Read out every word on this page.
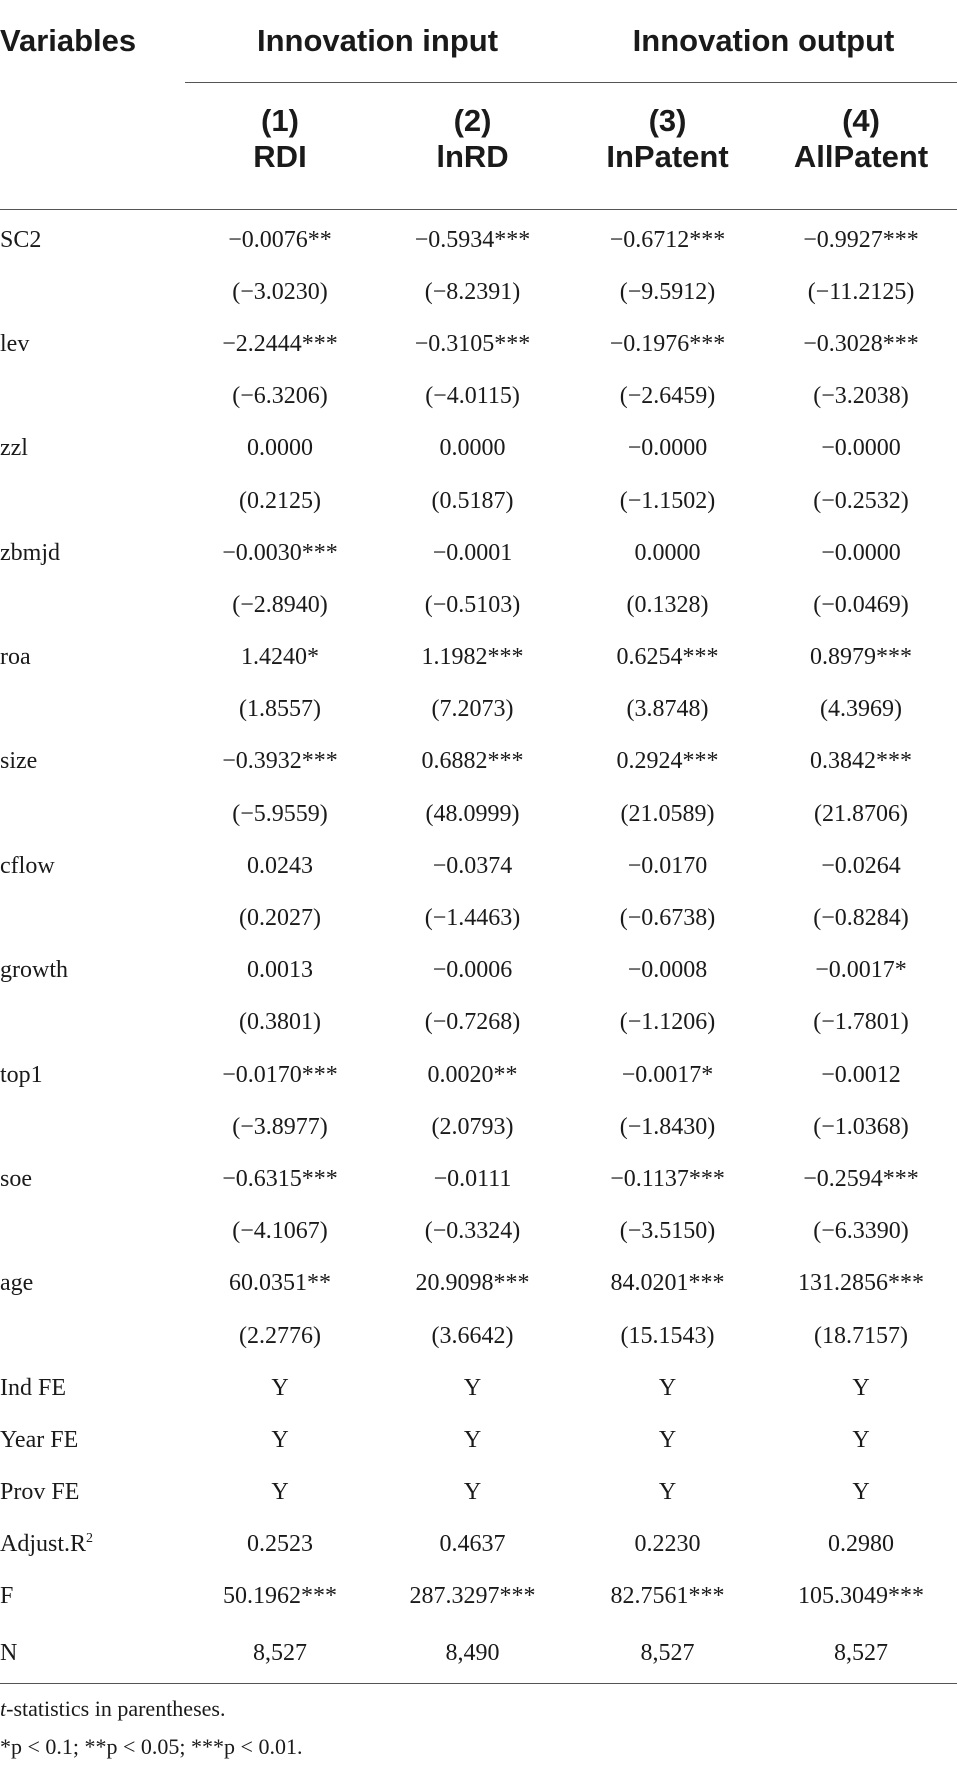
Variables	Innovation input		Innovation output	

	(1)	(2)	(3)	(4)
	RDI	lnRD	InPatent	AllPatent
SC2	−0.0076**	−0.5934***	−0.6712***	−0.9927***
	(−3.0230)	(−8.2391)	(−9.5912)	(−11.2125)
lev	−2.2444***	−0.3105***	−0.1976***	−0.3028***
	(−6.3206)	(−4.0115)	(−2.6459)	(−3.2038)
zzl	0.0000	0.0000	−0.0000	−0.0000
	(0.2125)	(0.5187)	(−1.1502)	(−0.2532)
zbmjd	−0.0030***	−0.0001	0.0000	−0.0000
	(−2.8940)	(−0.5103)	(0.1328)	(−0.0469)
roa	1.4240*	1.1982***	0.6254***	0.8979***
	(1.8557)	(7.2073)	(3.8748)	(4.3969)
size	−0.3932***	0.6882***	0.2924***	0.3842***
	(−5.9559)	(48.0999)	(21.0589)	(21.8706)
cflow	0.0243	−0.0374	−0.0170	−0.0264
	(0.2027)	(−1.4463)	(−0.6738)	(−0.8284)
growth	0.0013	−0.0006	−0.0008	−0.0017*
	(0.3801)	(−0.7268)	(−1.1206)	(−1.7801)
top1	−0.0170***	0.0020**	−0.0017*	−0.0012
	(−3.8977)	(2.0793)	(−1.8430)	(−1.0368)
soe	−0.6315***	−0.0111	−0.1137***	−0.2594***
	(−4.1067)	(−0.3324)	(−3.5150)	(−6.3390)
age	60.0351**	20.9098***	84.0201***	131.2856***
	(2.2776)	(3.6642)	(15.1543)	(18.7157)
Ind FE	Y	Y	Y	Y
Year FE	Y	Y	Y	Y
Prov FE	Y	Y	Y	Y
$Adjust.R^2$	0.2523	0.4637	0.2230	0.2980
F	50.1962***	287.3297***	82.7561***	105.3049***
N	8,527	8,490	8,527	8,527
t-statistics in parentheses.
*p < 0.1; **p < 0.05; ***p < 0.01.
